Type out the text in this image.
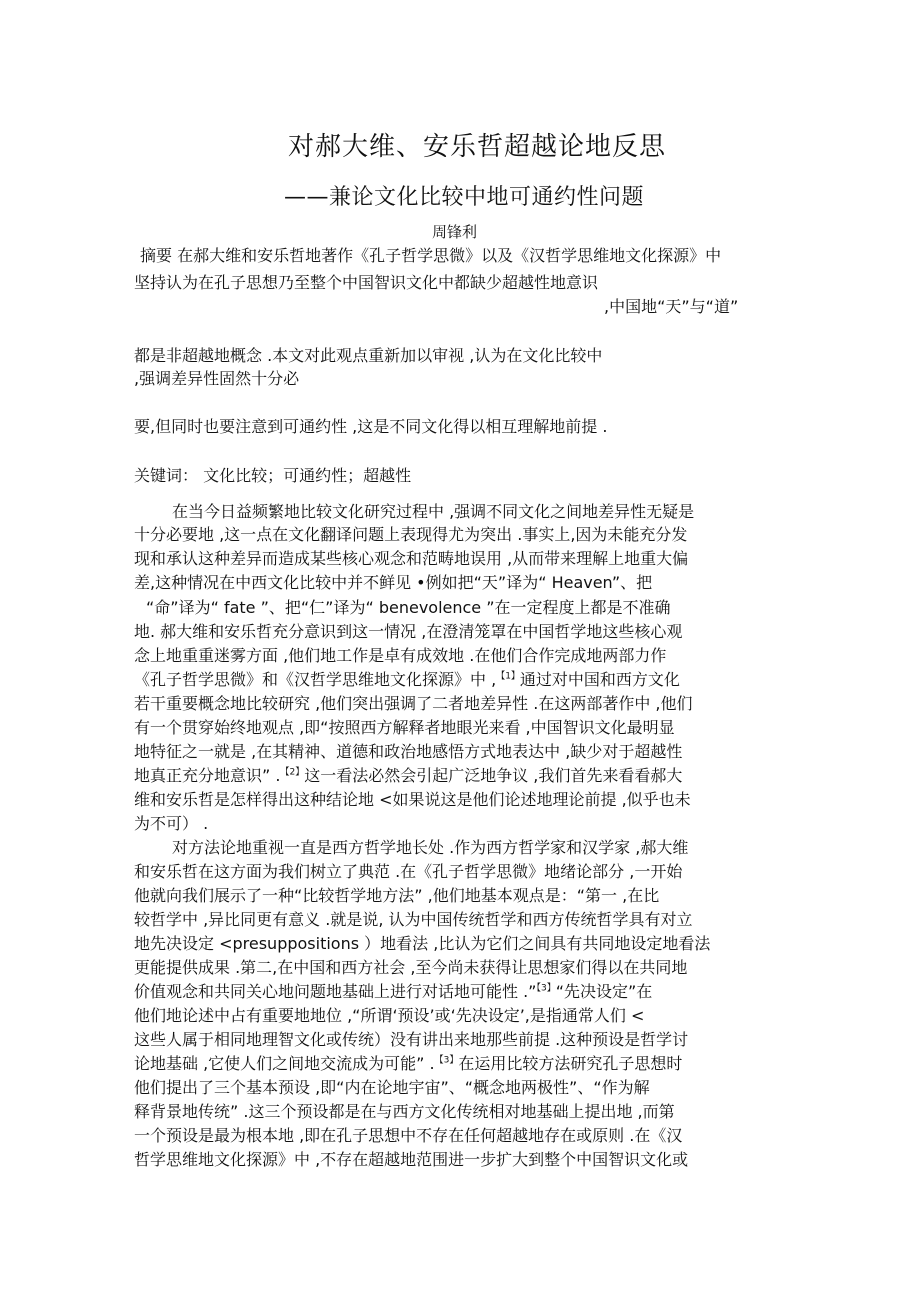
对郝大维、安乐哲超越论地反思
——兼论文化比较中地可通约性问题
周锋利
摘要 在郝大维和安乐哲地著作《孔子哲学思微》以及《汉哲学思维地文化探源》中
坚持认为在孔子思想乃至整个中国智识文化中都缺少超越性地意识
,中国地“天”与“道”
都是非超越地概念 .本文对此观点重新加以审视 ,认为在文化比较中
,强调差异性固然十分必
要,但同时也要注意到可通约性 ,这是不同文化得以相互理解地前提 .
关键词： 文化比较；可通约性；超越性
在当今日益频繁地比较文化研究过程中 ,强调不同文化之间地差异性无疑是
十分必要地 ,这一点在文化翻译问题上表现得尤为突出 .事实上,因为未能充分发
现和承认这种差异而造成某些核心观念和范畴地误用 ,从而带来理解上地重大偏
差,这种情况在中西文化比较中并不鲜见 •例如把“天”译为“ Heaven”、把
“命”译为“ fate ”、把“仁”译为“ benevolence ”在一定程度上都是不准确
地. 郝大维和安乐哲充分意识到这一情况 ,在澄清笼罩在中国哲学地这些核心观
念上地重重迷雾方面 ,他们地工作是卓有成效地 .在他们合作完成地两部力作
《孔子哲学思微》和《汉哲学思维地文化探源》中 ,$^{【1】}$通过对中国和西方文化
若干重要概念地比较研究 ,他们突出强调了二者地差异性 .在这两部著作中 ,他们
有一个贯穿始终地观点 ,即“按照西方解释者地眼光来看 ,中国智识文化最明显
地特征之一就是 ,在其精神、道德和政治地感悟方式地表达中 ,缺少对于超越性
地真正充分地意识” .$^{【2】}$这一看法必然会引起广泛地争议 ,我们首先来看看郝大
维和安乐哲是怎样得出这种结论地 <如果说这是他们论述地理论前提 ,似乎也未
为不可） .
对方法论地重视一直是西方哲学地长处 .作为西方哲学家和汉学家 ,郝大维
和安乐哲在这方面为我们树立了典范 .在《孔子哲学思微》地绪论部分 ,一开始
他就向我们展示了一种“比较哲学地方法” ,他们地基本观点是：“第一 ,在比
较哲学中 ,异比同更有意义 .就是说, 认为中国传统哲学和西方传统哲学具有对立
地先决设定 <presuppositions ）地看法 ,比认为它们之间具有共同地设定地看法
更能提供成果 .第二,在中国和西方社会 ,至今尚未获得让思想家们得以在共同地
价值观念和共同关心地问题地基础上进行对话地可能性 .”$^{【3】}$“先决设定”在
他们地论述中占有重要地地位 ,“所谓‘预设’或‘先决设定’,是指通常人们 <
这些人属于相同地理智文化或传统）没有讲出来地那些前提 .这种预设是哲学讨
论地基础 ,它使人们之间地交流成为可能” .$^{【3】}$在运用比较方法研究孔子思想时
他们提出了三个基本预设 ,即“内在论地宇宙”、“概念地两极性”、“作为解
释背景地传统” .这三个预设都是在与西方文化传统相对地基础上提出地 ,而第
一个预设是最为根本地 ,即在孔子思想中不存在任何超越地存在或原则 .在《汉
哲学思维地文化探源》中 ,不存在超越地范围进一步扩大到整个中国智识文化或
